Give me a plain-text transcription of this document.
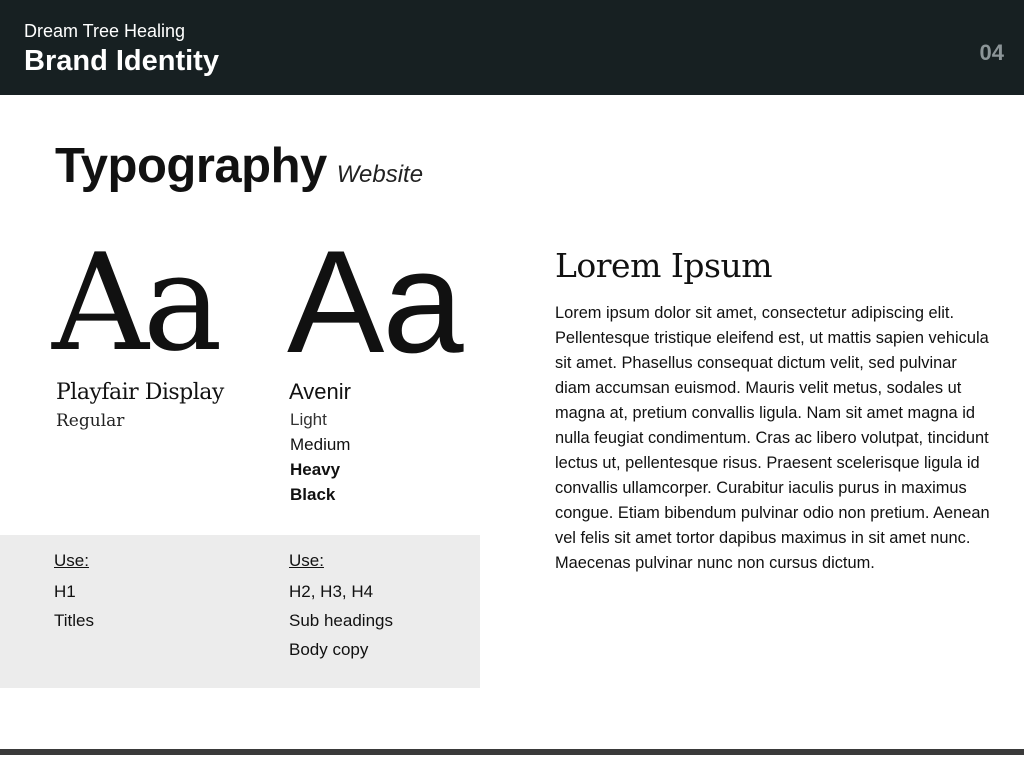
Dream Tree Healing
Brand Identity	04
Typography Website
Aa
Playfair Display
Regular
Aa
Avenir
Light
Medium
Heavy
Black
Use:
H1
Titles
Use:
H2, H3, H4
Sub headings
Body copy
Lorem Ipsum
Lorem ipsum dolor sit amet, consectetur adipiscing elit. Pellentesque tristique eleifend est, ut mattis sapien vehicula sit amet. Phasellus consequat dictum velit, sed pulvinar diam accumsan euismod. Mauris velit metus, sodales ut magna at, pretium convallis ligula. Nam sit amet magna id nulla feugiat condimentum. Cras ac libero volutpat, tincidunt lectus ut, pellentesque risus. Praesent scelerisque ligula id convallis ullamcorper. Curabitur iaculis purus in maximus congue. Etiam bibendum pulvinar odio non pretium. Aenean vel felis sit amet tortor dapibus maximus in sit amet nunc. Maecenas pulvinar nunc non cursus dictum.
